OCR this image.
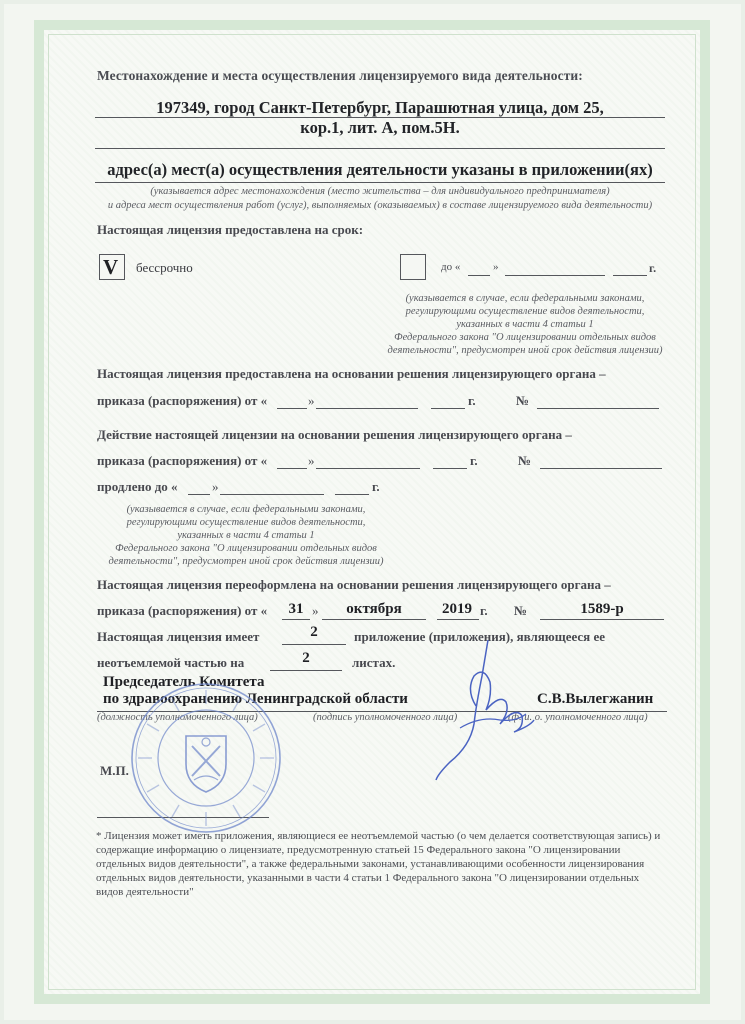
Местонахождение и места осуществления лицензируемого вида деятельности:
197349, город Санкт-Петербург, Парашютная улица, дом 25,
кор.1, лит. А, пом.5Н.
адрес(а) мест(а) осуществления деятельности указаны в приложении(ях)
(указывается адрес местонахождения (место жительства – для индивидуального предпринимателя)
и адреса мест осуществления работ (услуг), выполняемых (оказываемых) в составе лицензируемого вида деятельности)
Настоящая лицензия предоставлена на срок:
V бессрочно	до «	»	г.
(указывается в случае, если федеральными законами,
регулирующими осуществление видов деятельности,
указанных в части 4 статьи 1
Федерального закона "О лицензировании отдельных видов
деятельности", предусмотрен иной срок действия лицензии)
Настоящая лицензия предоставлена на основании решения лицензирующего органа –
приказа (распоряжения) от «	»	г.	№
Действие настоящей лицензии на основании решения лицензирующего органа –
приказа (распоряжения) от «	»	г.	№
продлено до «	»	г.
(указывается в случае, если федеральными законами,
регулирующими осуществление видов деятельности,
указанных в части 4 статьи 1
Федерального закона "О лицензировании отдельных видов
деятельности", предусмотрен иной срок действия лицензии)
Настоящая лицензия переоформлена на основании решения лицензирующего органа –
приказа (распоряжения) от «	31 »	октября	2019 г. №	1589-р
Настоящая лицензия имеет	2	приложение (приложения), являющееся ее
неотъемлемой частью на	2	листах.
Председатель Комитета
по здравоохранению Ленинградской области	С.В.Вылегжанин
(должность уполномоченного лица)	(подпись уполномоченного лица)	(ф. и. о. уполномоченного лица)
М.П.
* Лицензия может иметь приложения, являющиеся ее неотъемлемой частью (о чем делается соответствующая запись) и содержащие информацию о лицензиате, предусмотренную статьей 15 Федерального закона "О лицензировании отдельных видов деятельности", а также федеральными законами, устанавливающими особенности лицензирования отдельных видов деятельности, указанными в части 4 статьи 1 Федерального закона "О лицензировании отдельных видов деятельности"
